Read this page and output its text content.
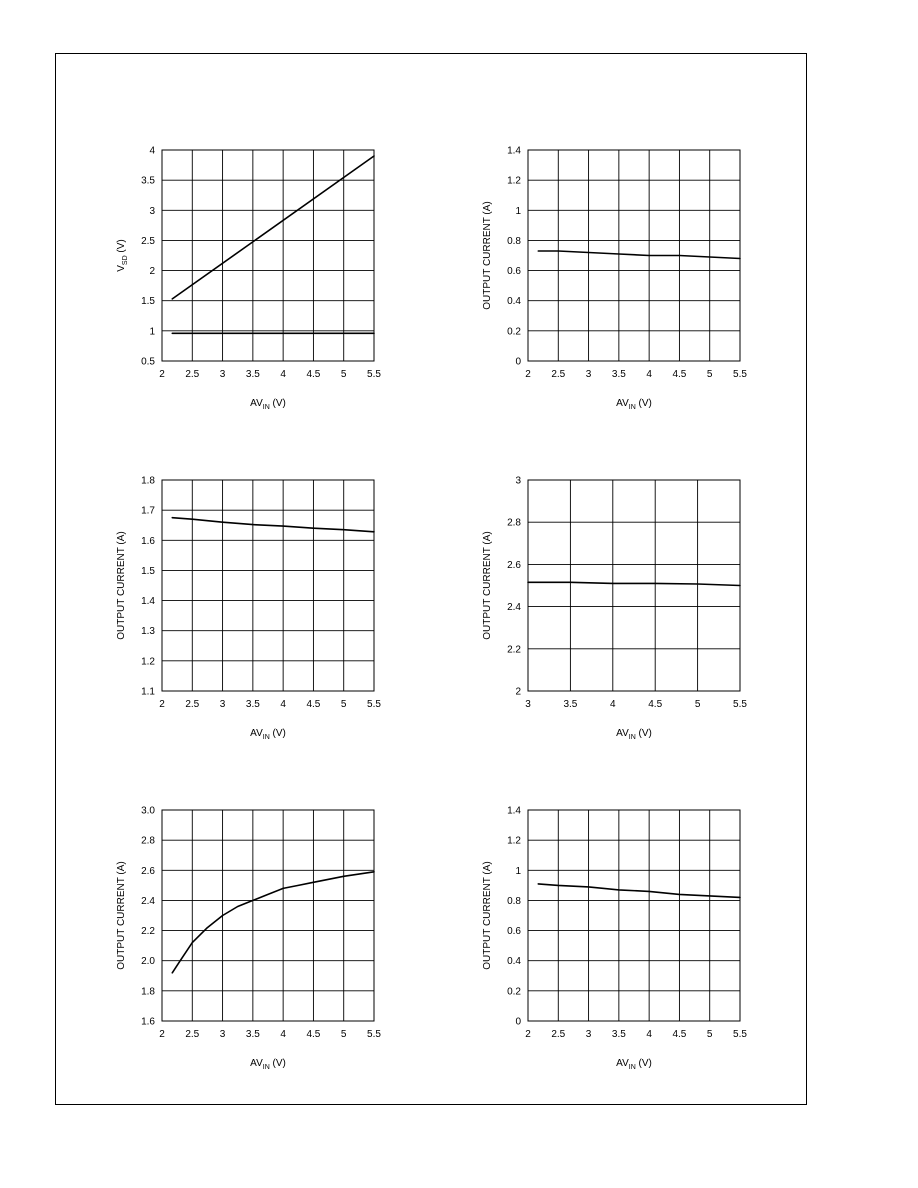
2 2.5 3 3.5 4 4.5 5 5.5
0.5
1
1.5
2
2.5
3
3.5
4
$AV_{IN}$ (V)
$V_{SD}$ (V)
2 2.5 3 3.5 4 4.5 5 5.5
0
0.2
0.4
0.6
0.8
1
1.2
1.4
$AV_{IN}$ (V)
OUTPUT CURRENT (A)
2 2.5 3 3.5 4 4.5 5 5.5
1.1
1.2
1.3
1.4
1.5
1.6
1.7
1.8
$AV_{IN}$ (V)
OUTPUT CURRENT (A)
3	3.5	4	4.5	5	5.5
2
2.2
2.4
2.6
2.8
3
$AV_{IN}$ (V)
OUTPUT CURRENT (A)
2 2.5 3 3.5 4 4.5 5 5.5
1.6
1.8
2.0
2.2
2.4
2.6
2.8
3.0
$AV_{IN}$ (V)
OUTPUT CURRENT (A)
2 2.5 3 3.5 4 4.5 5 5.5
0
0.2
0.4
0.6
0.8
1
1.2
1.4
$AV_{IN}$ (V)
OUTPUT CURRENT (A)
